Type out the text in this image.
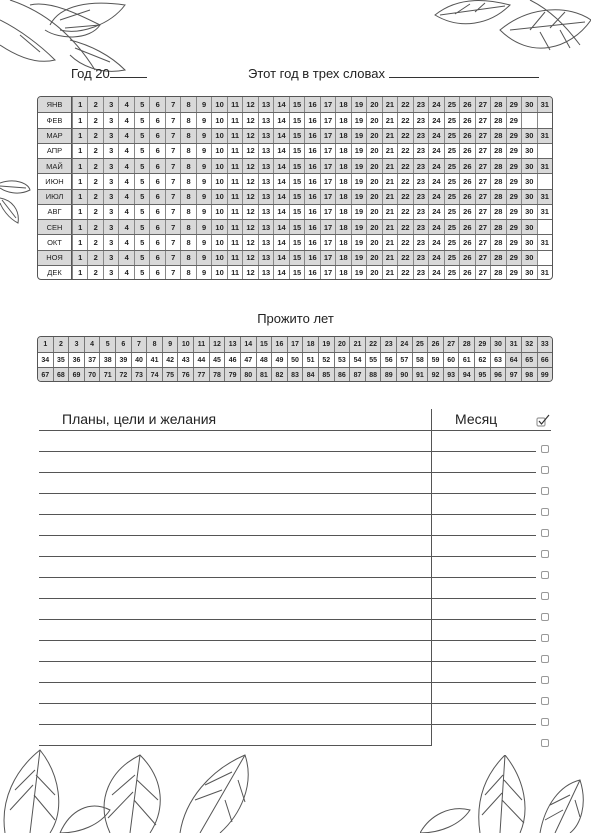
Год 20	Этот год в трех словах
ЯНВ	1	2	3	4	5	6	7	8	9	10 11 12 13 14 15 16 17 18 19 20 21 22 23 24 25 26 27 28 29 30 31
ФЕВ	1	2	3	4	5	6	7	8	9	10 11 12 13 14 15 16 17 18 19 20 21 22 23 24 25 26 27 28 29
МАР	1	2	3	4	5	6	7	8	9	10 11 12 13 14 15 16 17 18 19 20 21 22 23 24 25 26 27 28 29 30 31
АПР	1	2	3	4	5	6	7	8	9	10 11 12 13 14 15 16 17 18 19 20 21 22 23 24 25 26 27 28 29 30
МАЙ	1	2	3	4	5	6	7	8	9	10 11 12 13 14 15 16 17 18 19 20 21 22 23 24 25 26 27 28 29 30 31
ИЮН	1	2	3	4	5	6	7	8	9	10 11 12 13 14 15 16 17 18 19 20 21 22 23 24 25 26 27 28 29 30
ИЮЛ	1	2	3	4	5	6	7	8	9	10 11 12 13 14 15 16 17 18 19 20 21 22 23 24 25 26 27 28 29 30 31
АВГ	1	2	3	4	5	6	7	8	9	10 11 12 13 14 15 16 17 18 19 20 21 22 23 24 25 26 27 28 29 30 31
СЕН	1	2	3	4	5	6	7	8	9	10 11 12 13 14 15 16 17 18 19 20 21 22 23 24 25 26 27 28 29 30
ОКТ	1	2	3	4	5	6	7	8	9	10 11 12 13 14 15 16 17 18 19 20 21 22 23 24 25 26 27 28 29 30 31
НОЯ	1	2	3	4	5	6	7	8	9	10 11 12 13 14 15 16 17 18 19 20 21 22 23 24 25 26 27 28 29 30
ДЕК	1	2	3	4	5	6	7	8	9	10 11 12 13 14 15 16 17 18 19 20 21 22 23 24 25 26 27 28 29 30 31
Прожито лет
1	2	3	4	5	6	7	8	9	10	11	12	13	14	15	16	17	18	19	20	21	22	23	24	25	26	27	28	29	30	31	32	33
34	35	36	37	38	39	40	41	42	43	44	45	46	47	48	49	50	51	52	53	54	55	56	57	58	59	60	61	62	63	64	65	66
67	68	69	70	71	72	73	74	75	76	77	78	79	80	81	82	83	84	85	86	87	88	89	90	91	92	93	94	95	96	97	98	99
Планы, цели и желания	Месяц
